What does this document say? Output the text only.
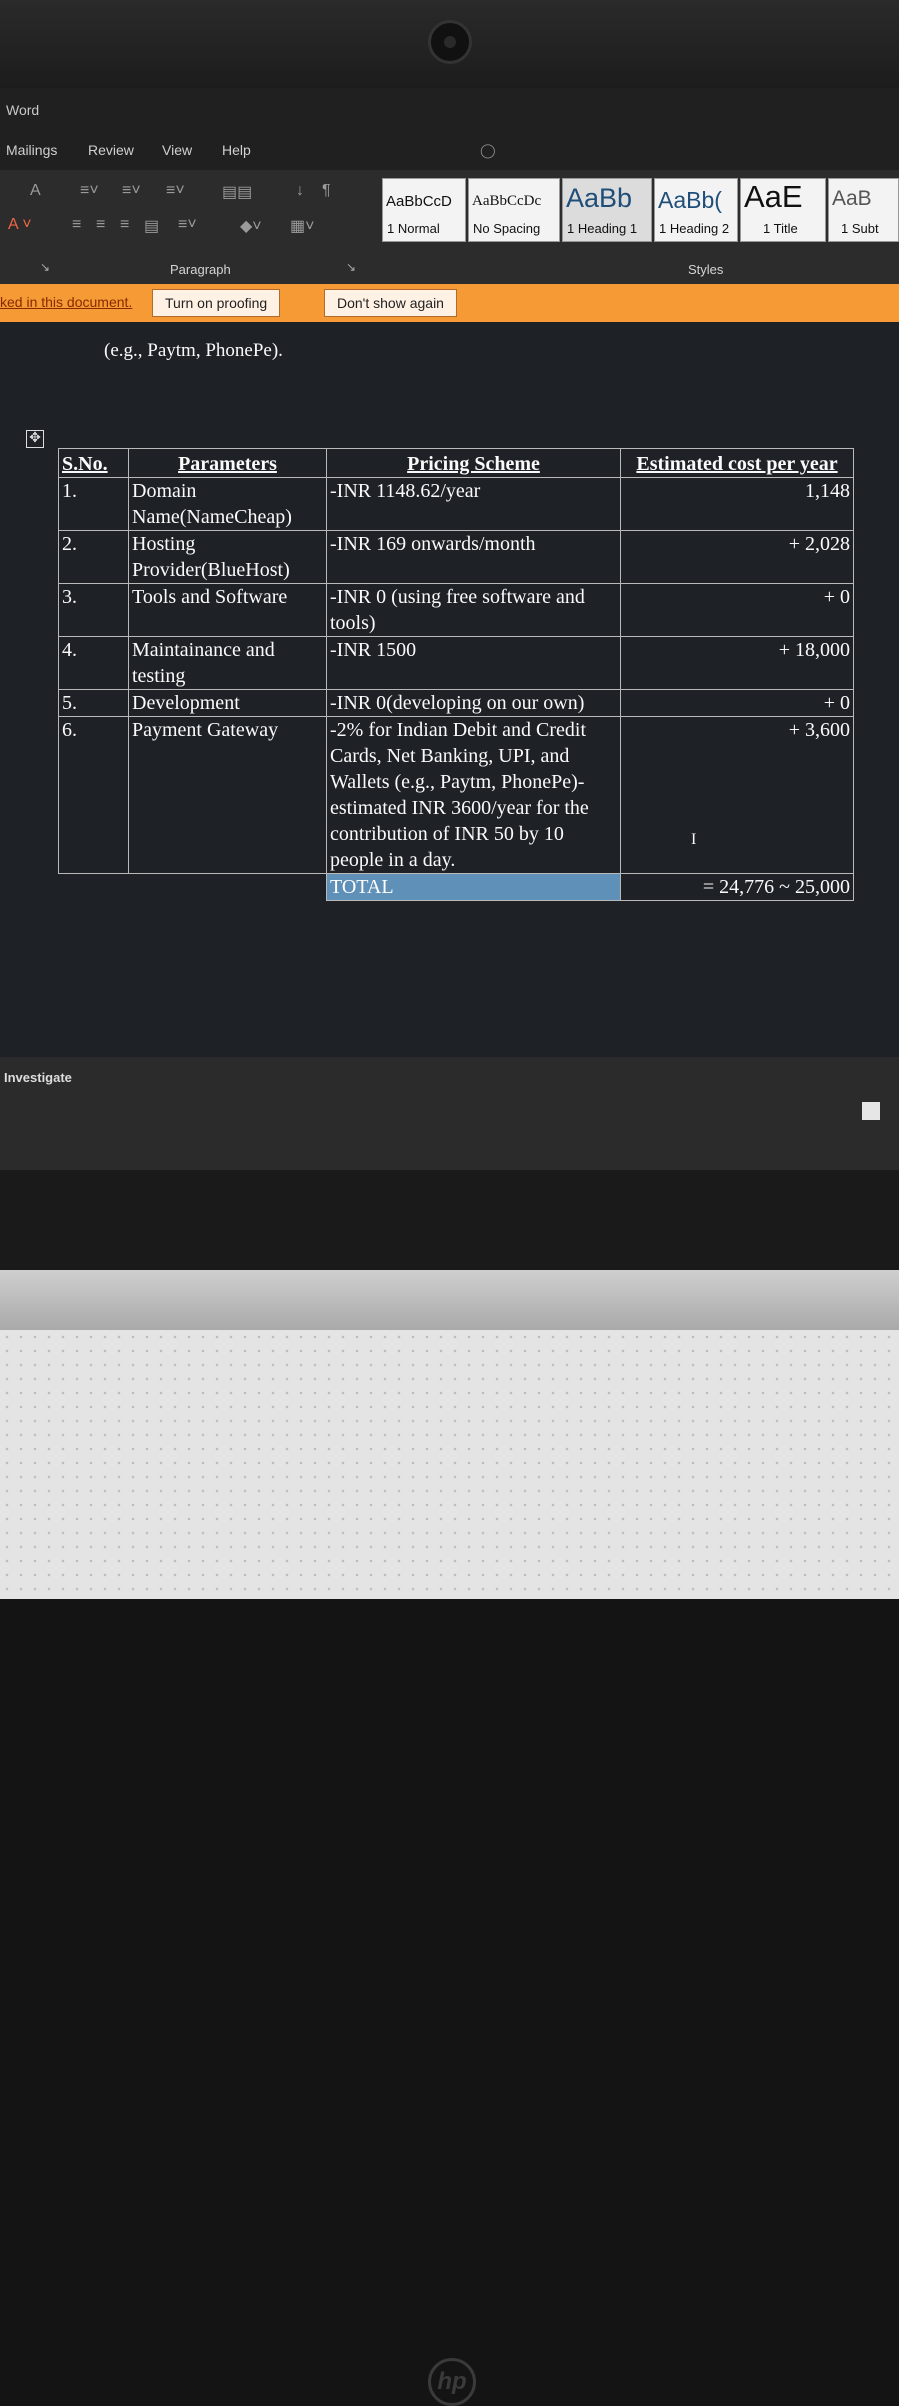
Word
Mailings Review View Help	◯
A
A ˅
≡˅ ≡˅ ≡˅ ▤▤	↓ ¶
≡ ≡ ≡ ▤ ≡˅	◆˅ ▦˅
AaBbCcD
1 Normal
AaBbCcDc
No Spacing
AaBb
1 Heading 1
AaBb(
1 Heading 2
AaE
1 Title
AaB
1 Subt
↘	Paragraph	↘	Styles
ked in this document.	Turn on proofing	Don't show again
(e.g., Paytm, PhonePe).
✥
S.No.	Parameters	Pricing Scheme	Estimated cost per year
1.	Domain Name(NameCheap)	-INR 1148.62/year	1,148
2.	Hosting Provider(BlueHost)	-INR 169 onwards/month	+ 2,028
3.	Tools and Software	-INR 0 (using free software and tools)	+ 0
4.	Maintainance and testing	-INR 1500	+ 18,000
5.	Development	-INR 0(developing on our own)	+ 0
6.	Payment Gateway	-2% for Indian Debit and Credit Cards, Net Banking, UPI, and Wallets (e.g., Paytm, PhonePe)-estimated INR 3600/year for the contribution of INR 50 by 10 people in a day.	+ 3,600
I

		TOTAL	= 24,776 ~ 25,000
Investigate
hp
